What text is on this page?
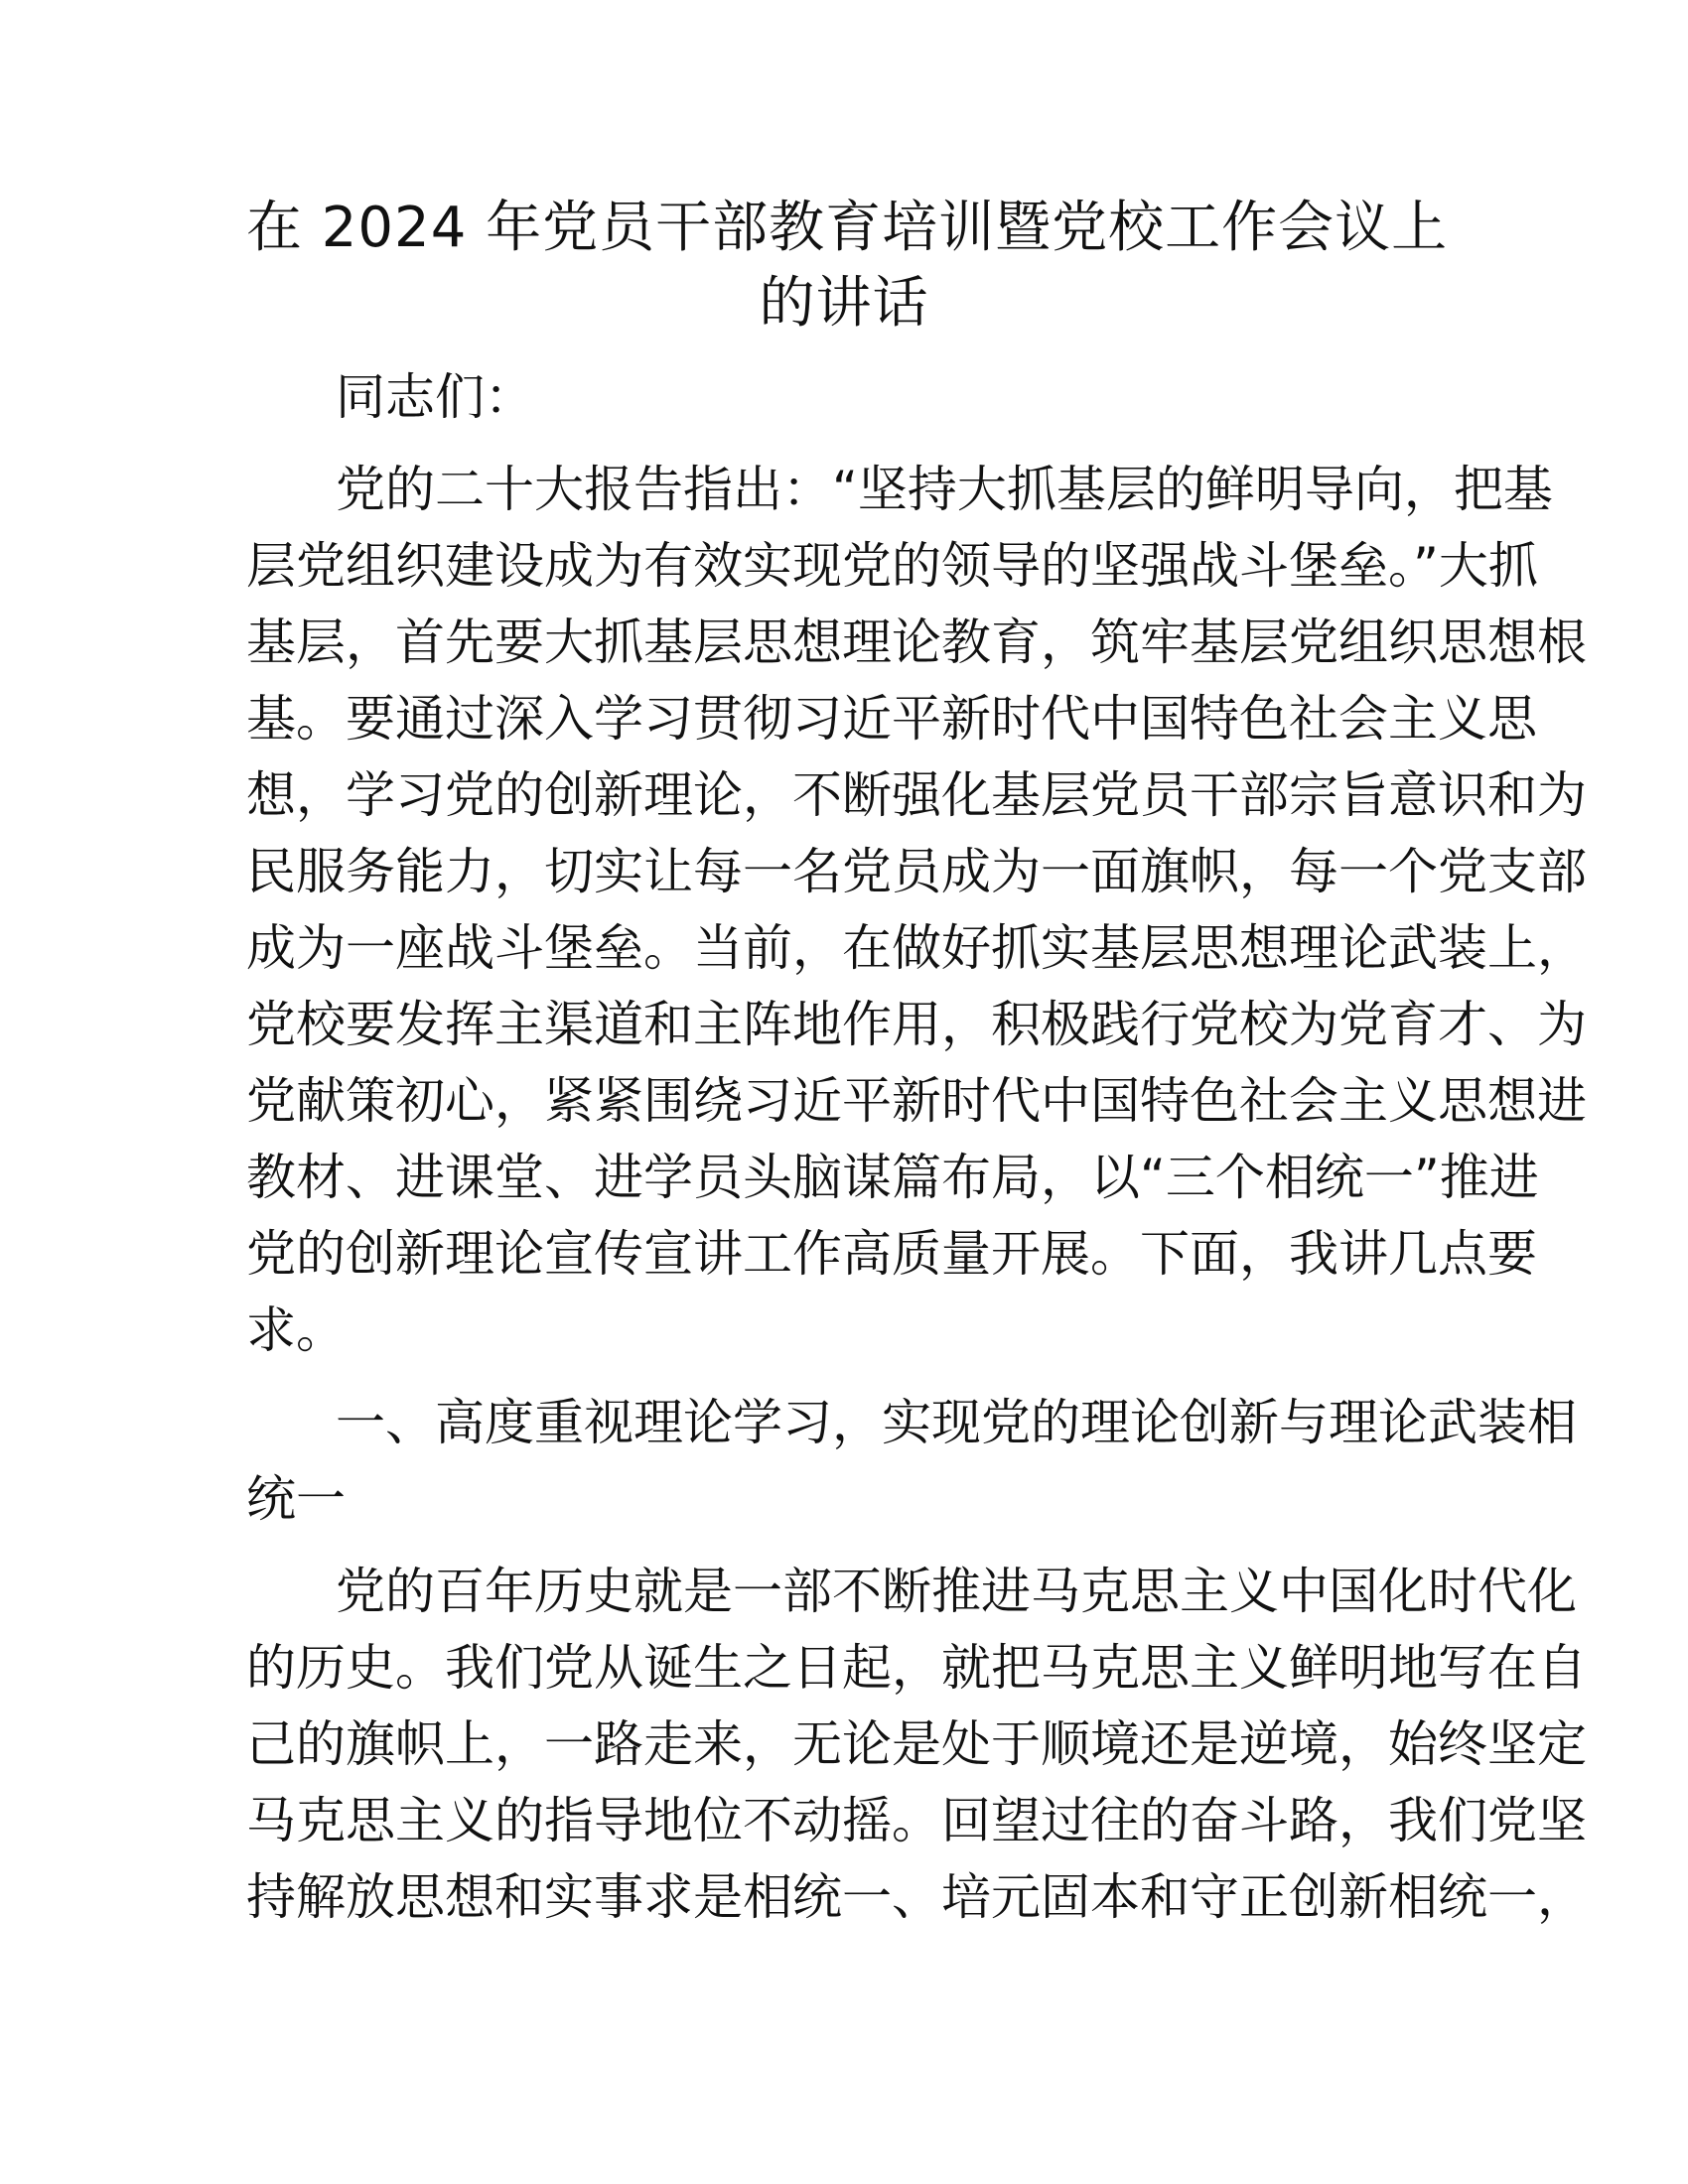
在 2024 年党员干部教育培训暨党校工作会议上
的讲话

同志们：

党的二十大报告指出：“坚持大抓基层的鲜明导向，把基
层党组织建设成为有效实现党的领导的坚强战斗堡垒。”大抓
基层，首先要大抓基层思想理论教育，筑牢基层党组织思想根
基。要通过深入学习贯彻习近平新时代中国特色社会主义思
想，学习党的创新理论，不断强化基层党员干部宗旨意识和为
民服务能力，切实让每一名党员成为一面旗帜，每一个党支部
成为一座战斗堡垒。当前，在做好抓实基层思想理论武装上，
党校要发挥主渠道和主阵地作用，积极践行党校为党育才、为
党献策初心，紧紧围绕习近平新时代中国特色社会主义思想进
教材、进课堂、进学员头脑谋篇布局，以“三个相统一”推进
党的创新理论宣传宣讲工作高质量开展。下面，我讲几点要
求。

一、高度重视理论学习，实现党的理论创新与理论武装相
统一

党的百年历史就是一部不断推进马克思主义中国化时代化
的历史。我们党从诞生之日起，就把马克思主义鲜明地写在自
己的旗帜上，一路走来，无论是处于顺境还是逆境，始终坚定
马克思主义的指导地位不动摇。回望过往的奋斗路，我们党坚
持解放思想和实事求是相统一、培元固本和守正创新相统一，
